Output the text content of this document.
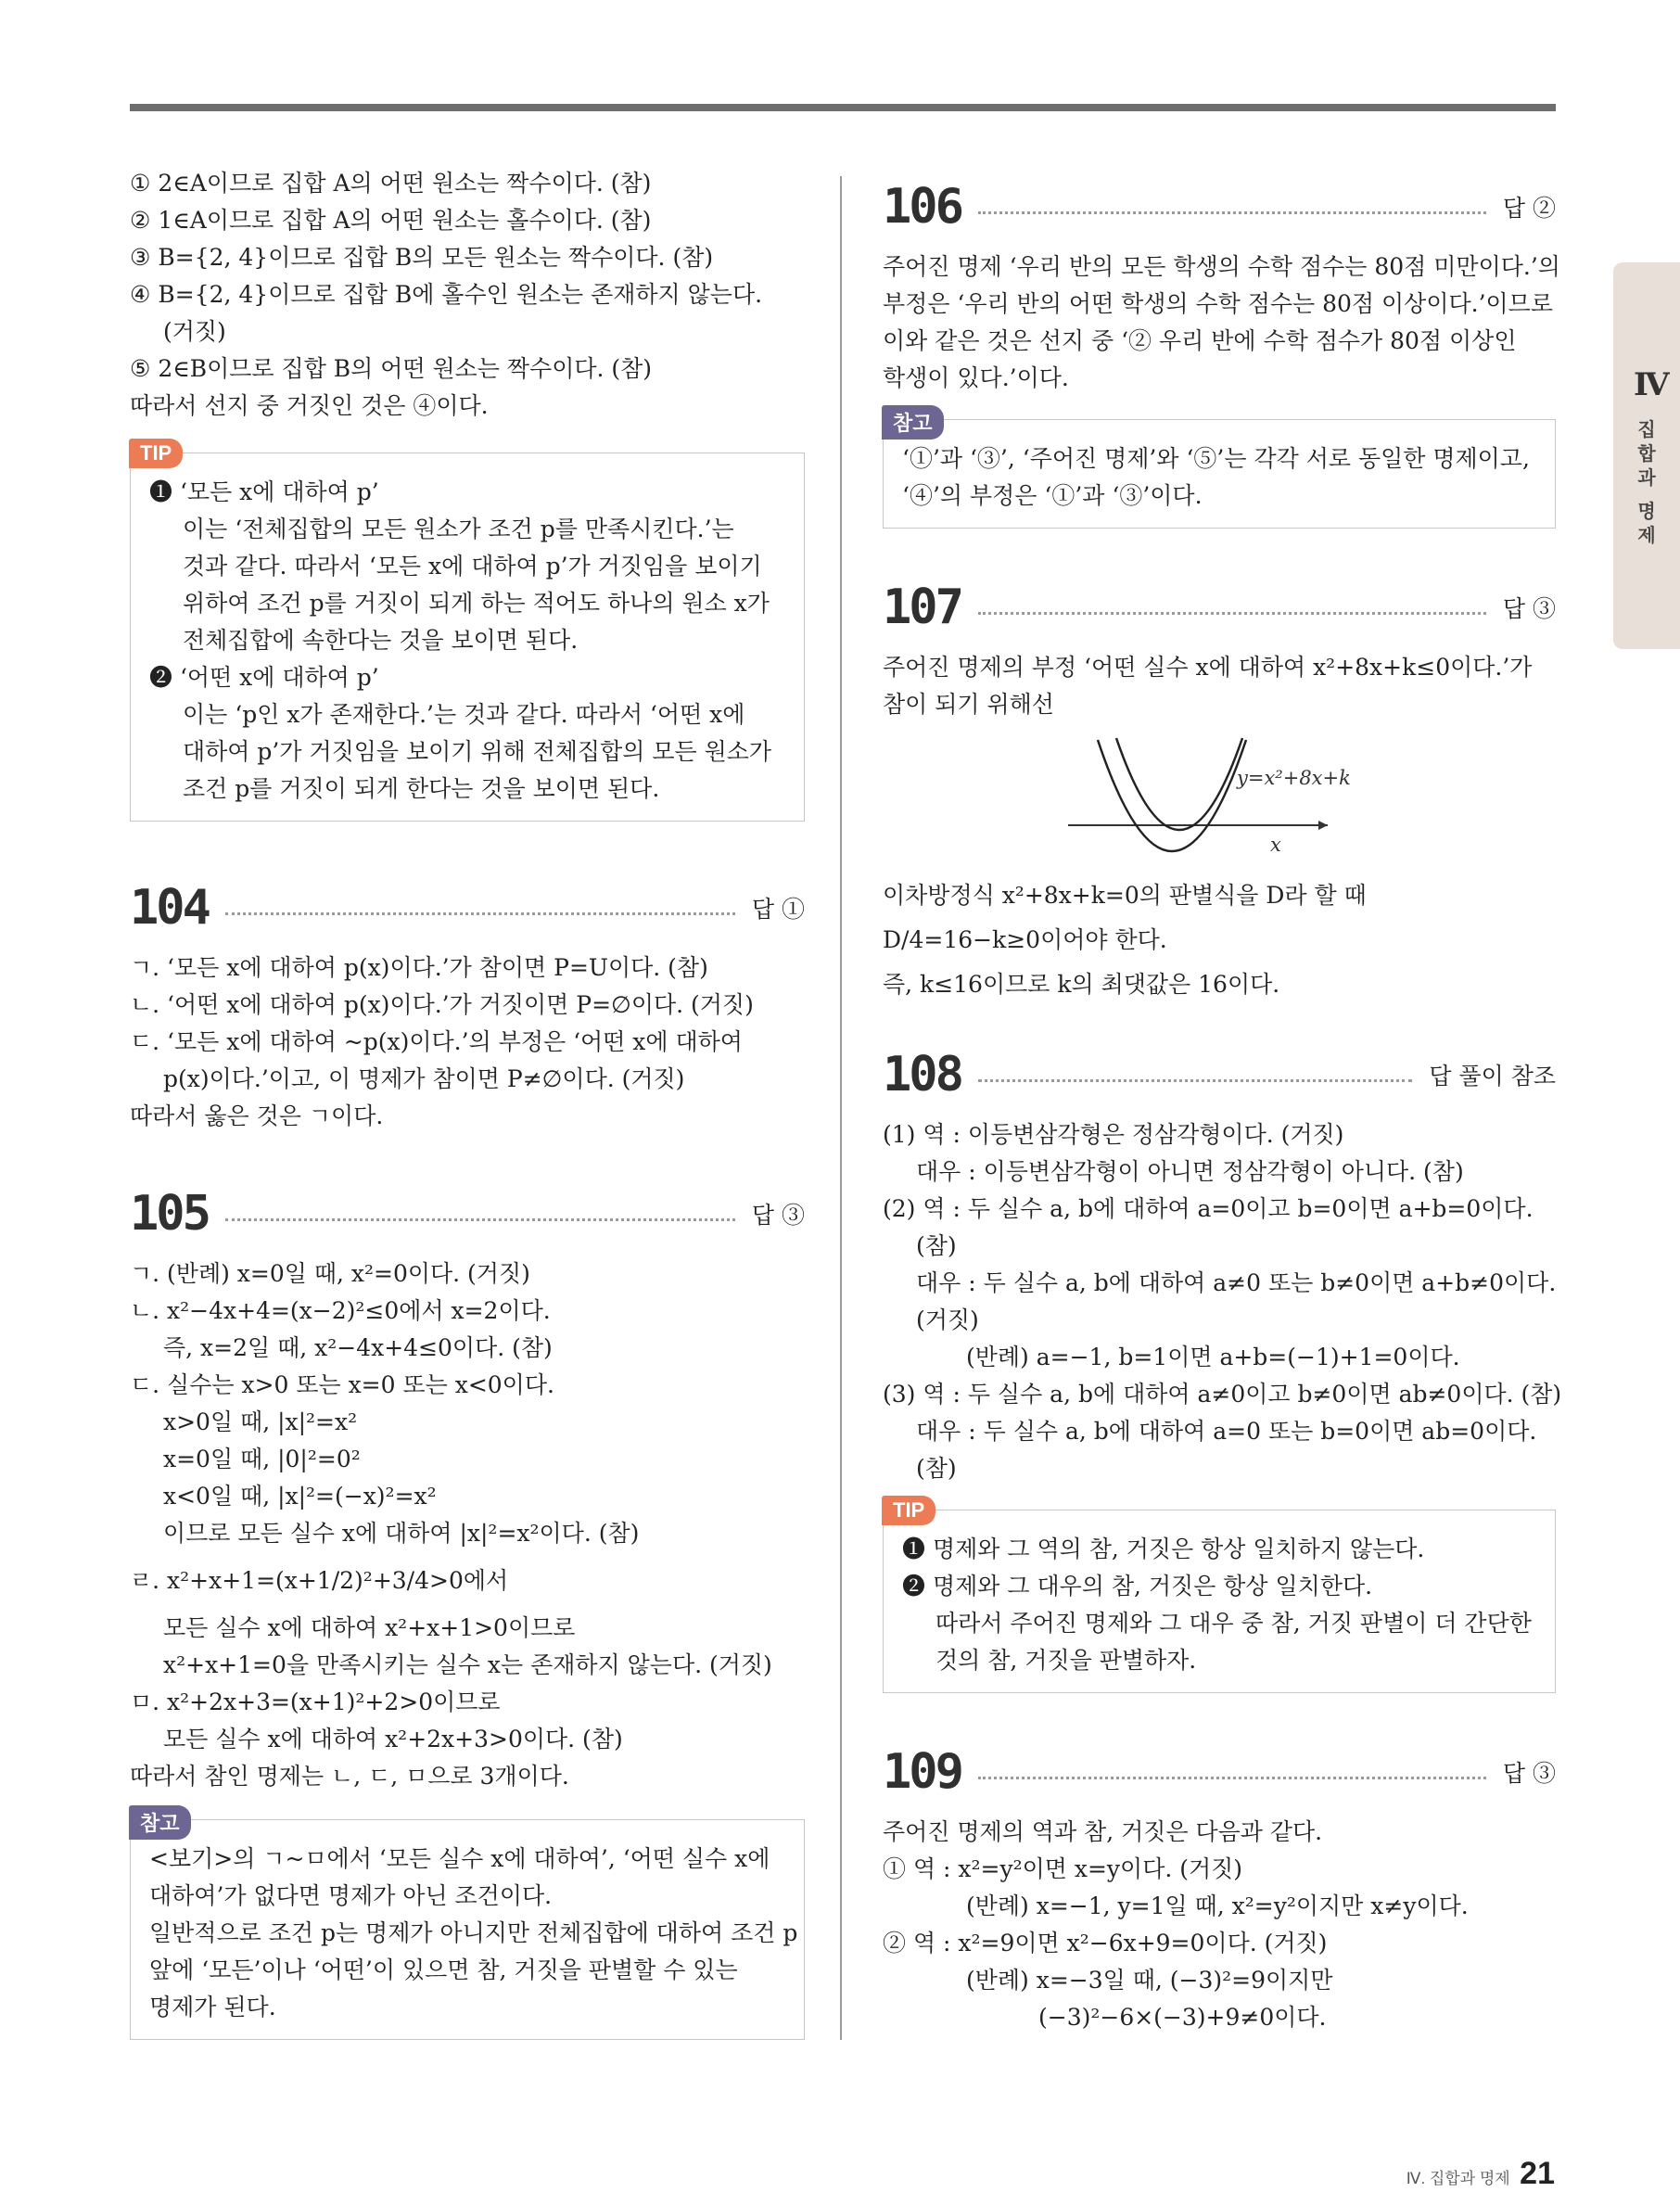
① 2∈A이므로 집합 A의 어떤 원소는 짝수이다. (참)
② 1∈A이므로 집합 A의 어떤 원소는 홀수이다. (참)
③ B={2, 4}이므로 집합 B의 모든 원소는 짝수이다. (참)
④ B={2, 4}이므로 집합 B에 홀수인 원소는 존재하지 않는다.
(거짓)
⑤ 2∈B이므로 집합 B의 어떤 원소는 짝수이다. (참)
따라서 선지 중 거짓인 것은 ④이다.
TIP
❶ ‘모든 x에 대하여 p’
이는 ‘전체집합의 모든 원소가 조건 p를 만족시킨다.’는
것과 같다. 따라서 ‘모든 x에 대하여 p’가 거짓임을 보이기
위하여 조건 p를 거짓이 되게 하는 적어도 하나의 원소 x가
전체집합에 속한다는 것을 보이면 된다.
❷ ‘어떤 x에 대하여 p’
이는 ‘p인 x가 존재한다.’는 것과 같다. 따라서 ‘어떤 x에
대하여 p’가 거짓임을 보이기 위해 전체집합의 모든 원소가
조건 p를 거짓이 되게 한다는 것을 보이면 된다.
104	답 ①
ㄱ. ‘모든 x에 대하여 p(x)이다.’가 참이면 P=U이다. (참)
ㄴ. ‘어떤 x에 대하여 p(x)이다.’가 거짓이면 P=∅이다. (거짓)
ㄷ. ‘모든 x에 대하여 ~p(x)이다.’의 부정은 ‘어떤 x에 대하여
p(x)이다.’이고, 이 명제가 참이면 P≠∅이다. (거짓)
따라서 옳은 것은 ㄱ이다.
105	답 ③
ㄱ. (반례) x=0일 때, x²=0이다. (거짓)
ㄴ. x²−4x+4=(x−2)²≤0에서 x=2이다.
즉, x=2일 때, x²−4x+4≤0이다. (참)
ㄷ. 실수는 x>0 또는 x=0 또는 x<0이다.
x>0일 때, |x|²=x²
x=0일 때, |0|²=0²
x<0일 때, |x|²=(−x)²=x²
이므로 모든 실수 x에 대하여 |x|²=x²이다. (참)
ㄹ. x²+x+1=(x+1/2)²+3/4>0에서
모든 실수 x에 대하여 x²+x+1>0이므로
x²+x+1=0을 만족시키는 실수 x는 존재하지 않는다. (거짓)
ㅁ. x²+2x+3=(x+1)²+2>0이므로
모든 실수 x에 대하여 x²+2x+3>0이다. (참)
따라서 참인 명제는 ㄴ, ㄷ, ㅁ으로 3개이다.
참고
<보기>의 ㄱ~ㅁ에서 ‘모든 실수 x에 대하여’, ‘어떤 실수 x에
대하여’가 없다면 명제가 아닌 조건이다.
일반적으로 조건 p는 명제가 아니지만 전체집합에 대하여 조건 p
앞에 ‘모든’이나 ‘어떤’이 있으면 참, 거짓을 판별할 수 있는
명제가 된다.
106	답 ②
주어진 명제 ‘우리 반의 모든 학생의 수학 점수는 80점 미만이다.’의
부정은 ‘우리 반의 어떤 학생의 수학 점수는 80점 이상이다.’이므로
이와 같은 것은 선지 중 ‘② 우리 반에 수학 점수가 80점 이상인
학생이 있다.’이다.
참고
‘①’과 ‘③’, ‘주어진 명제’와 ‘⑤’는 각각 서로 동일한 명제이고,
‘④’의 부정은 ‘①’과 ‘③’이다.
107	답 ③
주어진 명제의 부정 ‘어떤 실수 x에 대하여 x²+8x+k≤0이다.’가
참이 되기 위해선
y=x²+8x+k
x
이차방정식 x²+8x+k=0의 판별식을 D라 할 때
D/4=16−k≥0이어야 한다.
즉, k≤16이므로 k의 최댓값은 16이다.
108	답 풀이 참조
(1) 역 : 이등변삼각형은 정삼각형이다. (거짓)
대우 : 이등변삼각형이 아니면 정삼각형이 아니다. (참)
(2) 역 : 두 실수 a, b에 대하여 a=0이고 b=0이면 a+b=0이다.
(참)
대우 : 두 실수 a, b에 대하여 a≠0 또는 b≠0이면 a+b≠0이다.
(거짓)
(반례) a=−1, b=1이면 a+b=(−1)+1=0이다.
(3) 역 : 두 실수 a, b에 대하여 a≠0이고 b≠0이면 ab≠0이다. (참)
대우 : 두 실수 a, b에 대하여 a=0 또는 b=0이면 ab=0이다.
(참)
TIP
❶ 명제와 그 역의 참, 거짓은 항상 일치하지 않는다.
❷ 명제와 그 대우의 참, 거짓은 항상 일치한다.
따라서 주어진 명제와 그 대우 중 참, 거짓 판별이 더 간단한
것의 참, 거짓을 판별하자.
109	답 ③
주어진 명제의 역과 참, 거짓은 다음과 같다.
① 역 : x²=y²이면 x=y이다. (거짓)
(반례) x=−1, y=1일 때, x²=y²이지만 x≠y이다.
② 역 : x²=9이면 x²−6x+9=0이다. (거짓)
(반례) x=−3일 때, (−3)²=9이지만
(−3)²−6×(−3)+9≠0이다.
Ⅳ
집
합
과
명
제
Ⅳ. 집합과 명제 21
